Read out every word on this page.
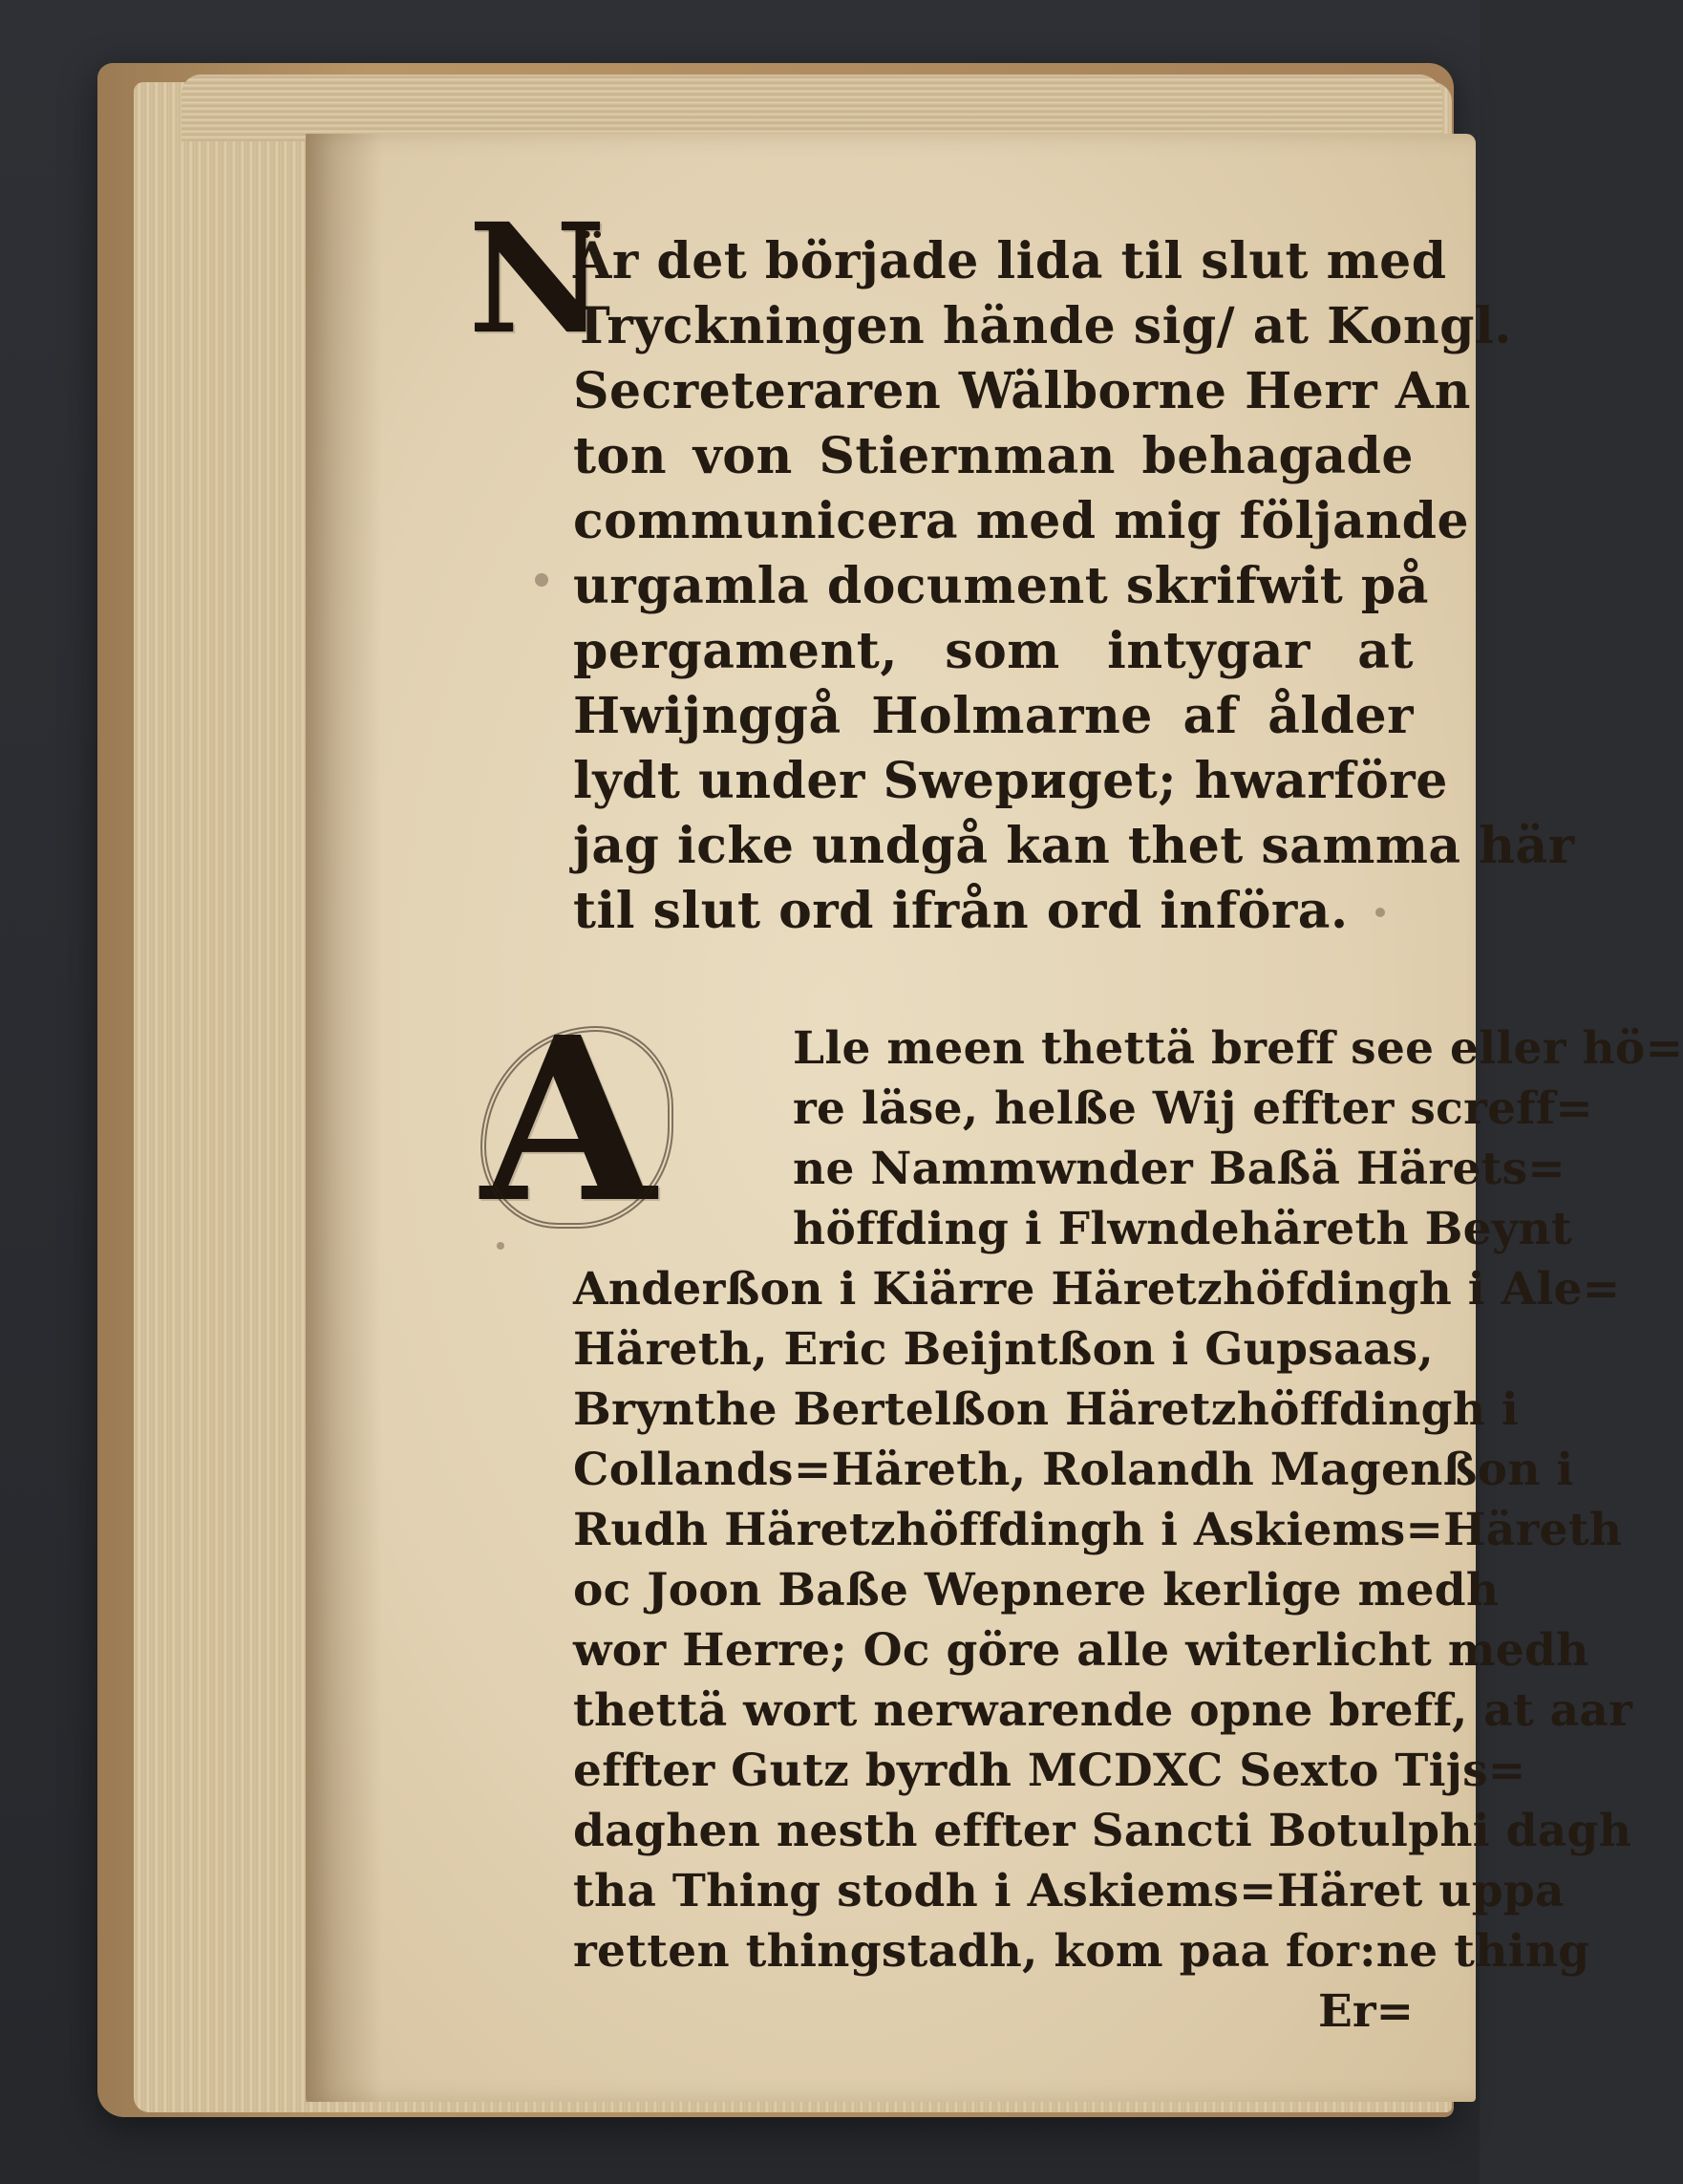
N
Är det började lida til slut med
Tryckningen hände sig/ at Kongl.
Secreteraren Wälborne Herr An
ton von Stiernman behagade
communicera med mig följande
urgamla document skrifwit på
pergament, som intygar at
Hwijnggå Holmarne af ålder
lydt under Swериget; hwarföre
jag icke undgå kan thet samma här
til slut ord ifrån ord införa.
A	Lle meen thettä breff see eller hö=
re läse, helße Wij effter screff=
ne Nammwnder Baßä Härets=
höffding i Flwndehäreth Beynt
Anderßon i Kiärre Häretzhöfdingh i Ale=
Häreth, Eric Beijntßon i Gupsaas,
Brynthe Bertelßon Häretzhöffdingh i
Collands=Häreth, Rolandh Magenßon i
Rudh Häretzhöffdingh i Askiems=Häreth
oc Joon Baße Wepnere kerlige medh
wor Herre; Oc göre alle witerlicht medh
thettä wort nerwarende opne breff, at aar
effter Gutz byrdh MCDXC Sexto Tijs=
daghen nesth effter Sancti Botulphi dagh
tha Thing stodh i Askiems=Häret uppa
retten thingstadh, kom paa for:ne thing
Er=
